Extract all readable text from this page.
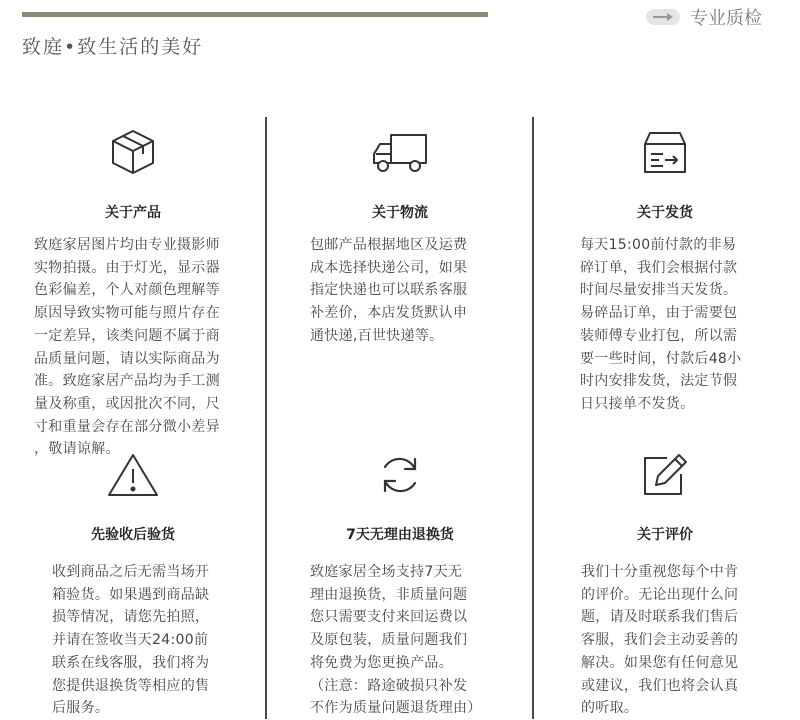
致庭•致生活的美好
专业质检
关于产品
致庭家居图片均由专业摄影师
实物拍摄。由于灯光，显示器
色彩偏差，个人对颜色理解等
原因导致实物可能与照片存在
一定差异，该类问题不属于商
品质量问题，请以实际商品为
准。致庭家居产品均为手工测
量及称重，或因批次不同，尺
寸和重量会存在部分微小差异
，敬请谅解。
关于物流
包邮产品根据地区及运费
成本选择快递公司，如果
指定快递也可以联系客服
补差价，本店发货默认申
通快递,百世快递等。
关于发货
每天15:00前付款的非易
碎订单，我们会根据付款
时间尽量安排当天发货。
易碎品订单，由于需要包
装师傅专业打包，所以需
要一些时间，付款后48小
时内安排发货，法定节假
日只接单不发货。
先验收后验货
收到商品之后无需当场开
箱验货。如果遇到商品缺
损等情况，请您先拍照，
并请在签收当天24:00前
联系在线客服，我们将为
您提供退换货等相应的售
后服务。
7天无理由退换货
致庭家居全场支持7天无
理由退换货，非质量问题
您只需要支付来回运费以
及原包装，质量问题我们
将免费为您更换产品。
（注意：路途破损只补发
不作为质量问题退货理由）
关于评价
我们十分重视您每个中肯
的评价。无论出现什么问
题，请及时联系我们售后
客服，我们会主动妥善的
解决。如果您有任何意见
或建议，我们也将会认真
的听取。
